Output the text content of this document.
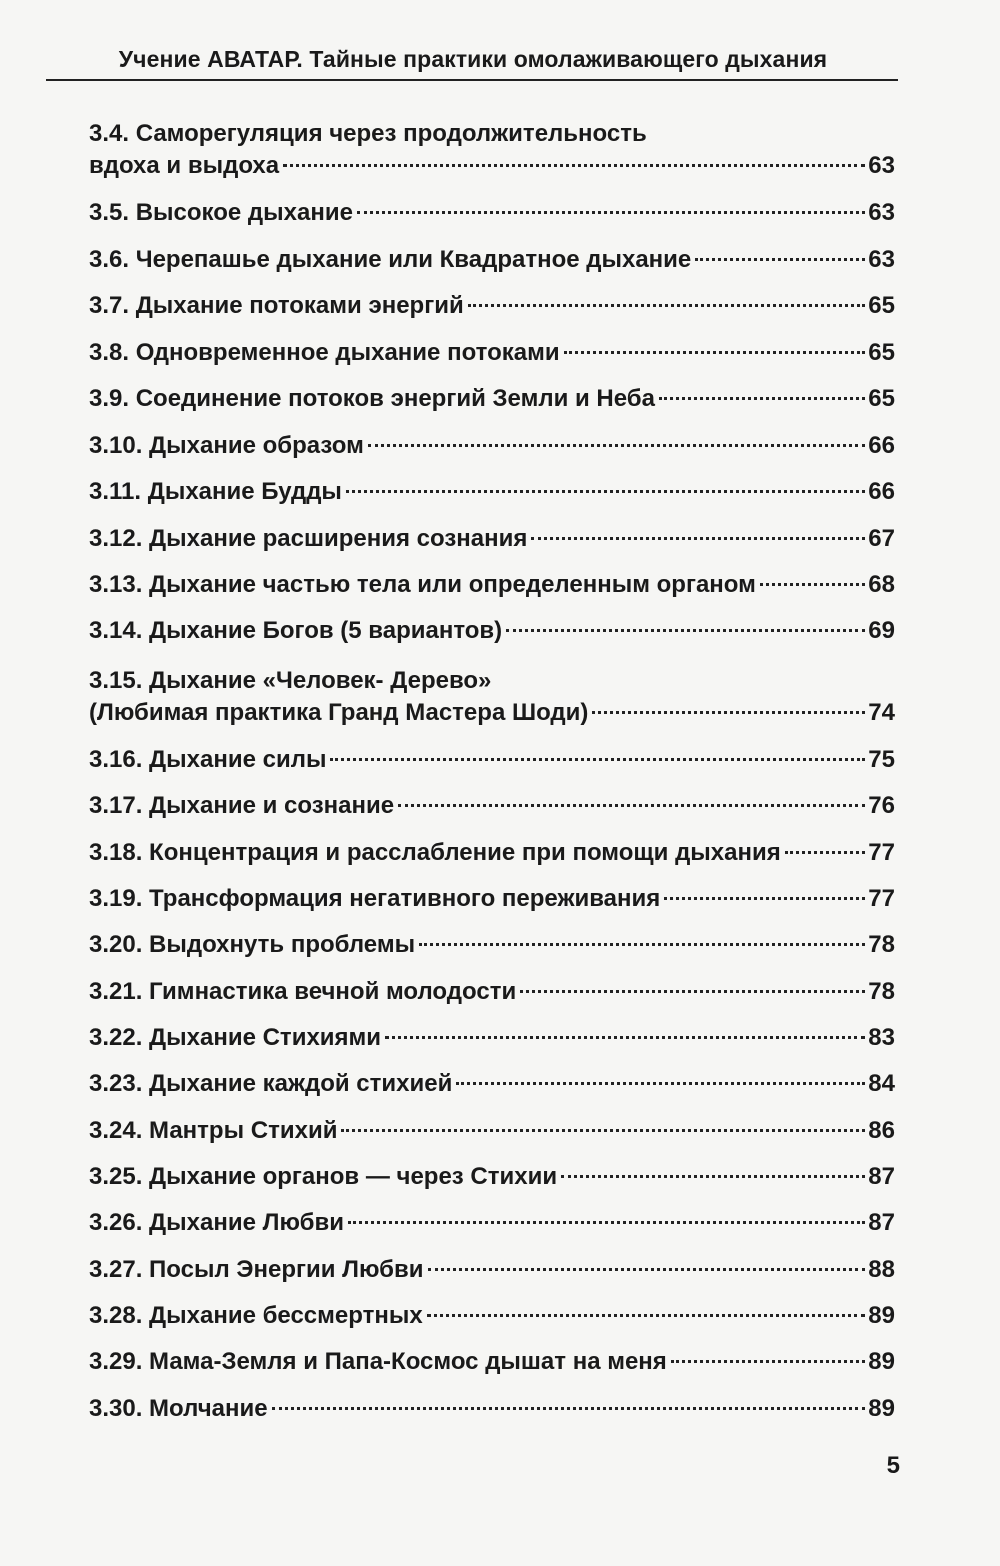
Учение АВАТАР. Тайные практики омолаживающего дыхания
3.4. Саморегуляция через продолжительность
вдоха и выдоха	63
3.5. Высокое дыхание	63
3.6. Черепашье дыхание или Квадратное дыхание	63
3.7. Дыхание потоками энергий	65
3.8. Одновременное дыхание потоками	65
3.9. Соединение потоков энергий Земли и Неба	65
3.10. Дыхание образом	66
3.11. Дыхание Будды	66
3.12. Дыхание расширения сознания	67
3.13. Дыхание частью тела или определенным органом	68
3.14. Дыхание Богов (5 вариантов)	69
3.15. Дыхание «Человек- Дерево»
(Любимая практика Гранд Мастера Шоди)	74
3.16. Дыхание силы	75
3.17. Дыхание и сознание	76
3.18. Концентрация и расслабление при помощи дыхания	77
3.19. Трансформация негативного переживания	77
3.20. Выдохнуть проблемы	78
3.21. Гимнастика вечной молодости	78
3.22. Дыхание Стихиями	83
3.23. Дыхание каждой стихией	84
3.24. Мантры Стихий	86
3.25. Дыхание органов — через Стихии	87
3.26. Дыхание Любви	87
3.27. Посыл Энергии Любви	88
3.28. Дыхание бессмертных	89
3.29. Мама-Земля и Папа-Космос дышат на меня	89
3.30. Молчание	89
5
